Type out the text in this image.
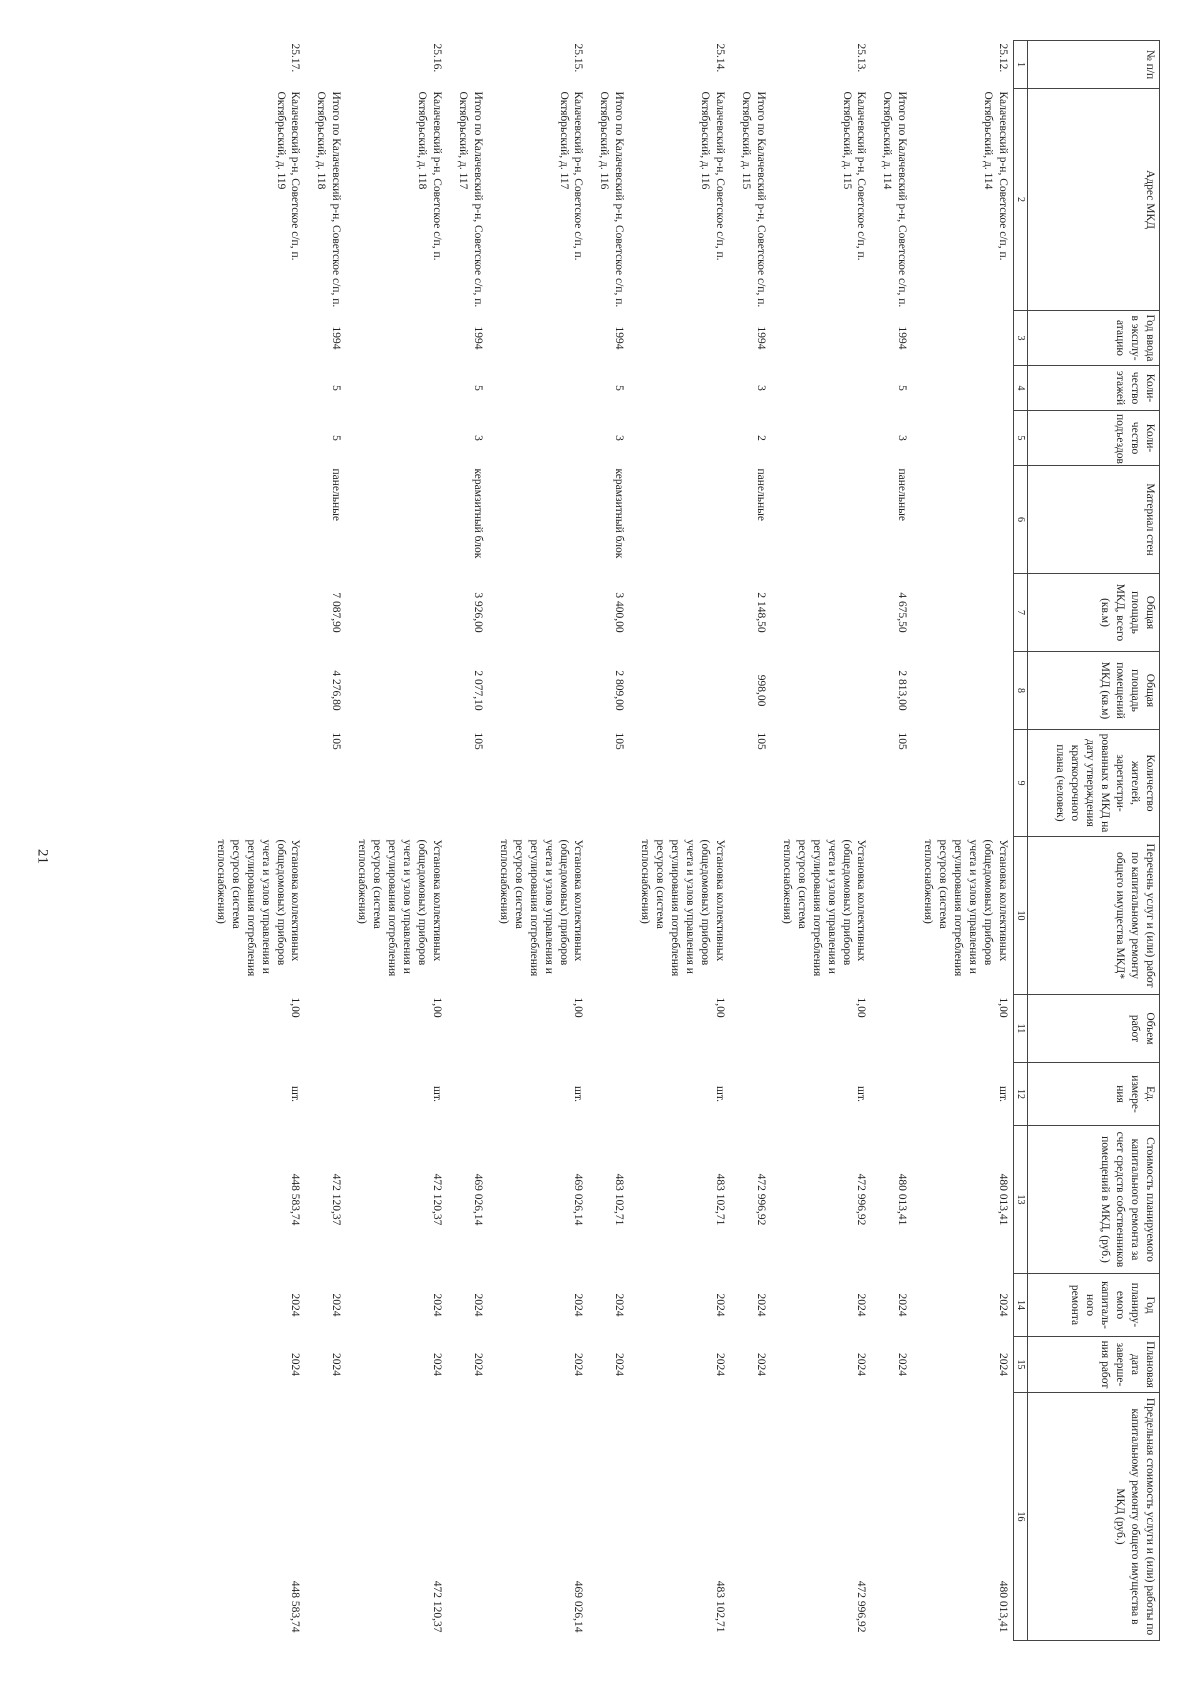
21
№ п/п	Адрес МКД	Год ввода в эксплу- атацию	Коли- чество этажей	Коли- чество подъездов	Материал стен	Общая площадь МКД, всего (кв.м)	Общая площадь помещений МКД (кв.м)	Количество жителей, зарегистри- рованных в МКД на дату утверждения краткосрочного плана (человек)	Перечень услуг и (или) работ по капитальному ремонту общего имущества МКД*	Объем работ	Ед. измере- ния	Стоимость планируемого капитального ремонта за счет средств собственников помещений в МКД, (руб.)	Год планиру- емого капиталь- ного ремонта	Плановая дата заверше- ния работ	Предельная стоимость услуги и (или) работы по капитальному ремонту общего имущества в МКД (руб.)
1	2	3	4	5	6	7	8	9	10	11	12	13	14	15	16
25.12.	Калачевский р-н, Советское с/п, п. Октябрьский, д. 114								Установка коллективных (общедомовых) приборов учета и узлов управления и регулирования потребления ресурсов (система теплоснабжения)	1,00	шт.	480 013,41	2024	2024	480 013,41
	Итого по Калачевский р-н, Советское с/п, п. Октябрьский, д. 114	1994	5	3	панельные	4 675,50	2 813,00	105				480 013,41	2024	2024	
25.13.	Калачевский р-н, Советское с/п, п. Октябрьский, д. 115								Установка коллективных (общедомовых) приборов учета и узлов управления и регулирования потребления ресурсов (система теплоснабжения)	1,00	шт.	472 996,92	2024	2024	472 996,92
	Итого по Калачевский р-н, Советское с/п, п. Октябрьский, д. 115	1994	3	2	панельные	2 148,50	998,00	105				472 996,92	2024	2024	
25.14.	Калачевский р-н, Советское с/п, п. Октябрьский, д. 116								Установка коллективных (общедомовых) приборов учета и узлов управления и регулирования потребления ресурсов (система теплоснабжения)	1,00	шт.	483 102,71	2024	2024	483 102,71
	Итого по Калачевский р-н, Советское с/п, п. Октябрьский, д. 116	1994	5	3	керамзитный блок	3 400,00	2 809,00	105				483 102,71	2024	2024	
25.15.	Калачевский р-н, Советское с/п, п. Октябрьский, д. 117								Установка коллективных (общедомовых) приборов учета и узлов управления и регулирования потребления ресурсов (система теплоснабжения)	1,00	шт.	469 026,14	2024	2024	469 026,14
	Итого по Калачевский р-н, Советское с/п, п. Октябрьский, д. 117	1994	5	3	керамзитный блок	3 926,00	2 077,10	105				469 026,14	2024	2024	
25.16.	Калачевский р-н, Советское с/п, п. Октябрьский, д. 118								Установка коллективных (общедомовых) приборов учета и узлов управления и регулирования потребления ресурсов (система теплоснабжения)	1,00	шт.	472 120,37	2024	2024	472 120,37
	Итого по Калачевский р-н, Советское с/п, п. Октябрьский, д. 118	1994	5	5	панельные	7 087,90	4 276,80	105				472 120,37	2024	2024	
25.17.	Калачевский р-н, Советское с/п, п. Октябрьский, д. 119								Установка коллективных (общедомовых) приборов учета и узлов управления и регулирования потребления ресурсов (система теплоснабжения)	1,00	шт.	448 583,74	2024	2024	448 583,74
